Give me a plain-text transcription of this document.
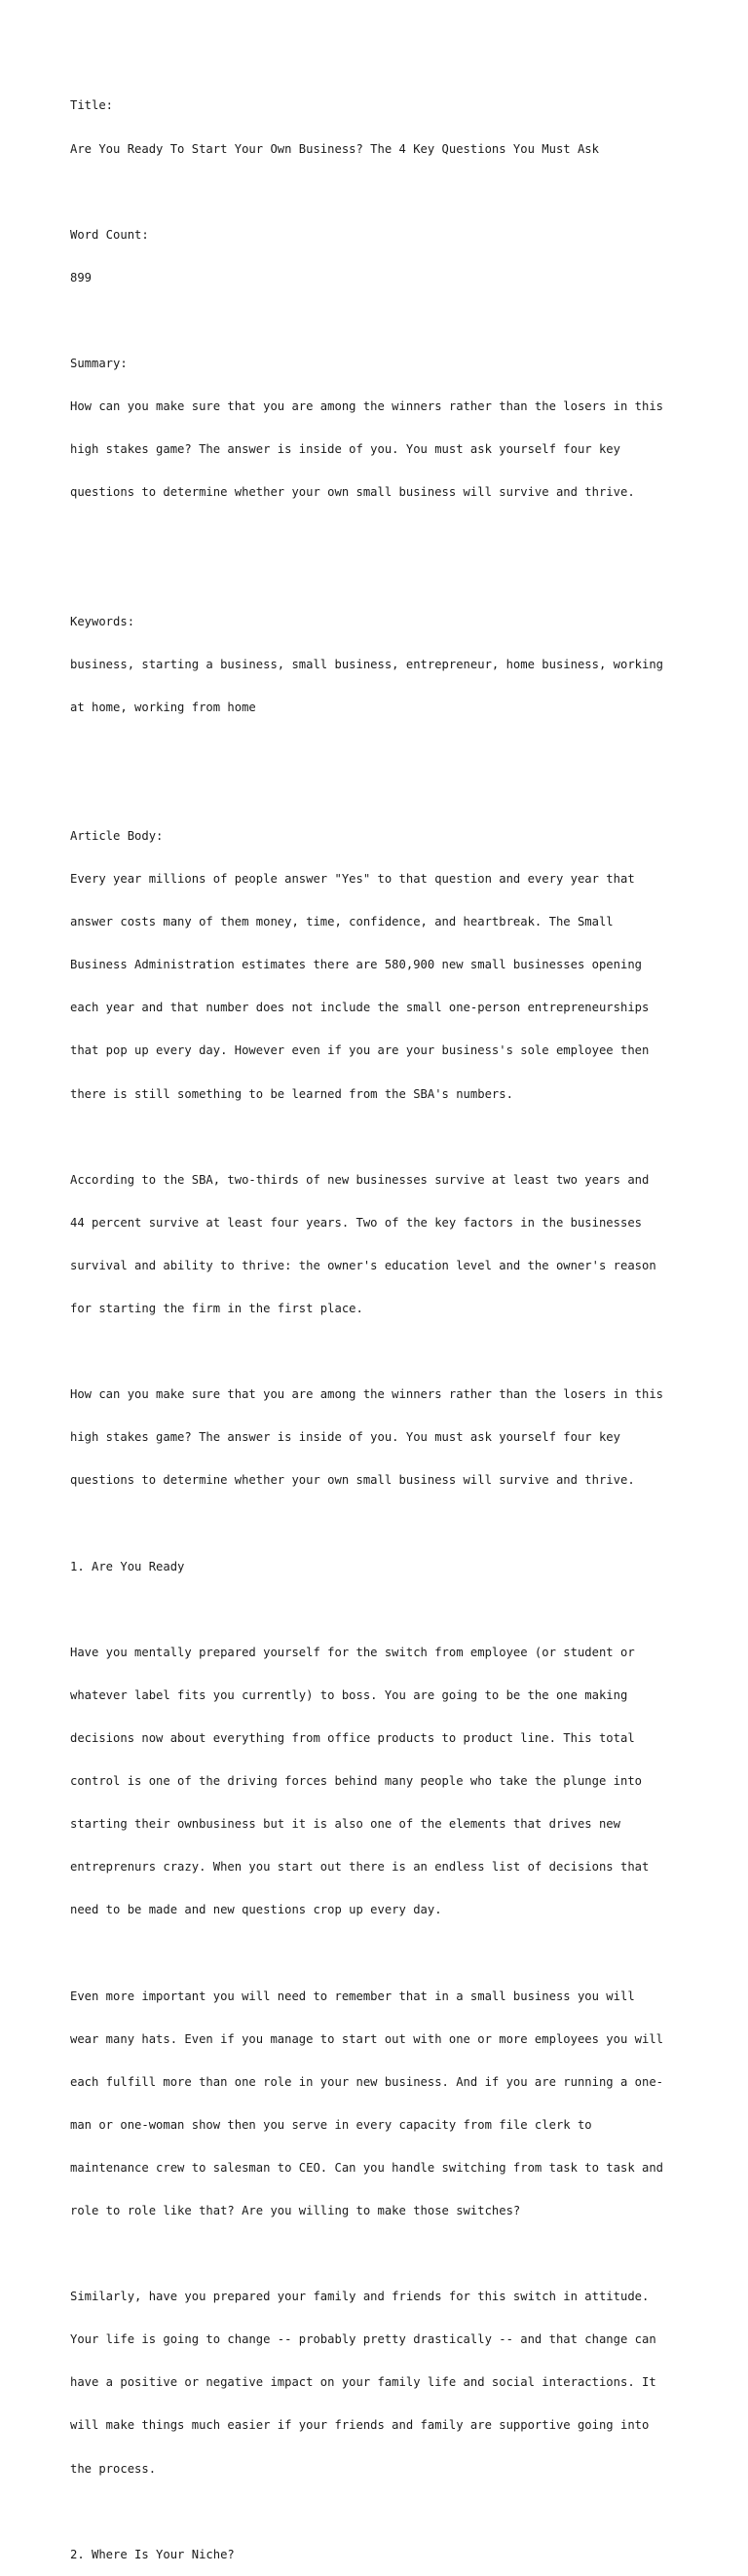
Title:

Are You Ready To Start Your Own Business? The 4 Key Questions You Must Ask

Word Count:

899

Summary:

How can you make sure that you are among the winners rather than the losers in this

high stakes game? The answer is inside of you. You must ask yourself four key

questions to determine whether your own small business will survive and thrive.

Keywords:

business, starting a business, small business, entrepreneur, home business, working

at home, working from home

Article Body:

Every year millions of people answer "Yes" to that question and every year that

answer costs many of them money, time, confidence, and heartbreak. The Small

Business Administration estimates there are 580,900 new small businesses opening

each year and that number does not include the small one-person entrepreneurships

that pop up every day. However even if you are your business's sole employee then

there is still something to be learned from the SBA's numbers.

According to the SBA, two-thirds of new businesses survive at least two years and

44 percent survive at least four years. Two of the key factors in the businesses

survival and ability to thrive: the owner's education level and the owner's reason

for starting the firm in the first place.

How can you make sure that you are among the winners rather than the losers in this

high stakes game? The answer is inside of you. You must ask yourself four key

questions to determine whether your own small business will survive and thrive.

1. Are You Ready

Have you mentally prepared yourself for the switch from employee (or student or

whatever label fits you currently) to boss. You are going to be the one making

decisions now about everything from office products to product line. This total

control is one of the driving forces behind many people who take the plunge into

starting their ownbusiness but it is also one of the elements that drives new

entreprenurs crazy. When you start out there is an endless list of decisions that

need to be made and new questions crop up every day.

Even more important you will need to remember that in a small business you will

wear many hats. Even if you manage to start out with one or more employees you will

each fulfill more than one role in your new business. And if you are running a one-

man or one-woman show then you serve in every capacity from file clerk to

maintenance crew to salesman to CEO. Can you handle switching from task to task and

role to role like that? Are you willing to make those switches?

Similarly, have you prepared your family and friends for this switch in attitude.

Your life is going to change -- probably pretty drastically -- and that change can

have a positive or negative impact on your family life and social interactions. It

will make things much easier if your friends and family are supportive going into

the process.

2. Where Is Your Niche?
